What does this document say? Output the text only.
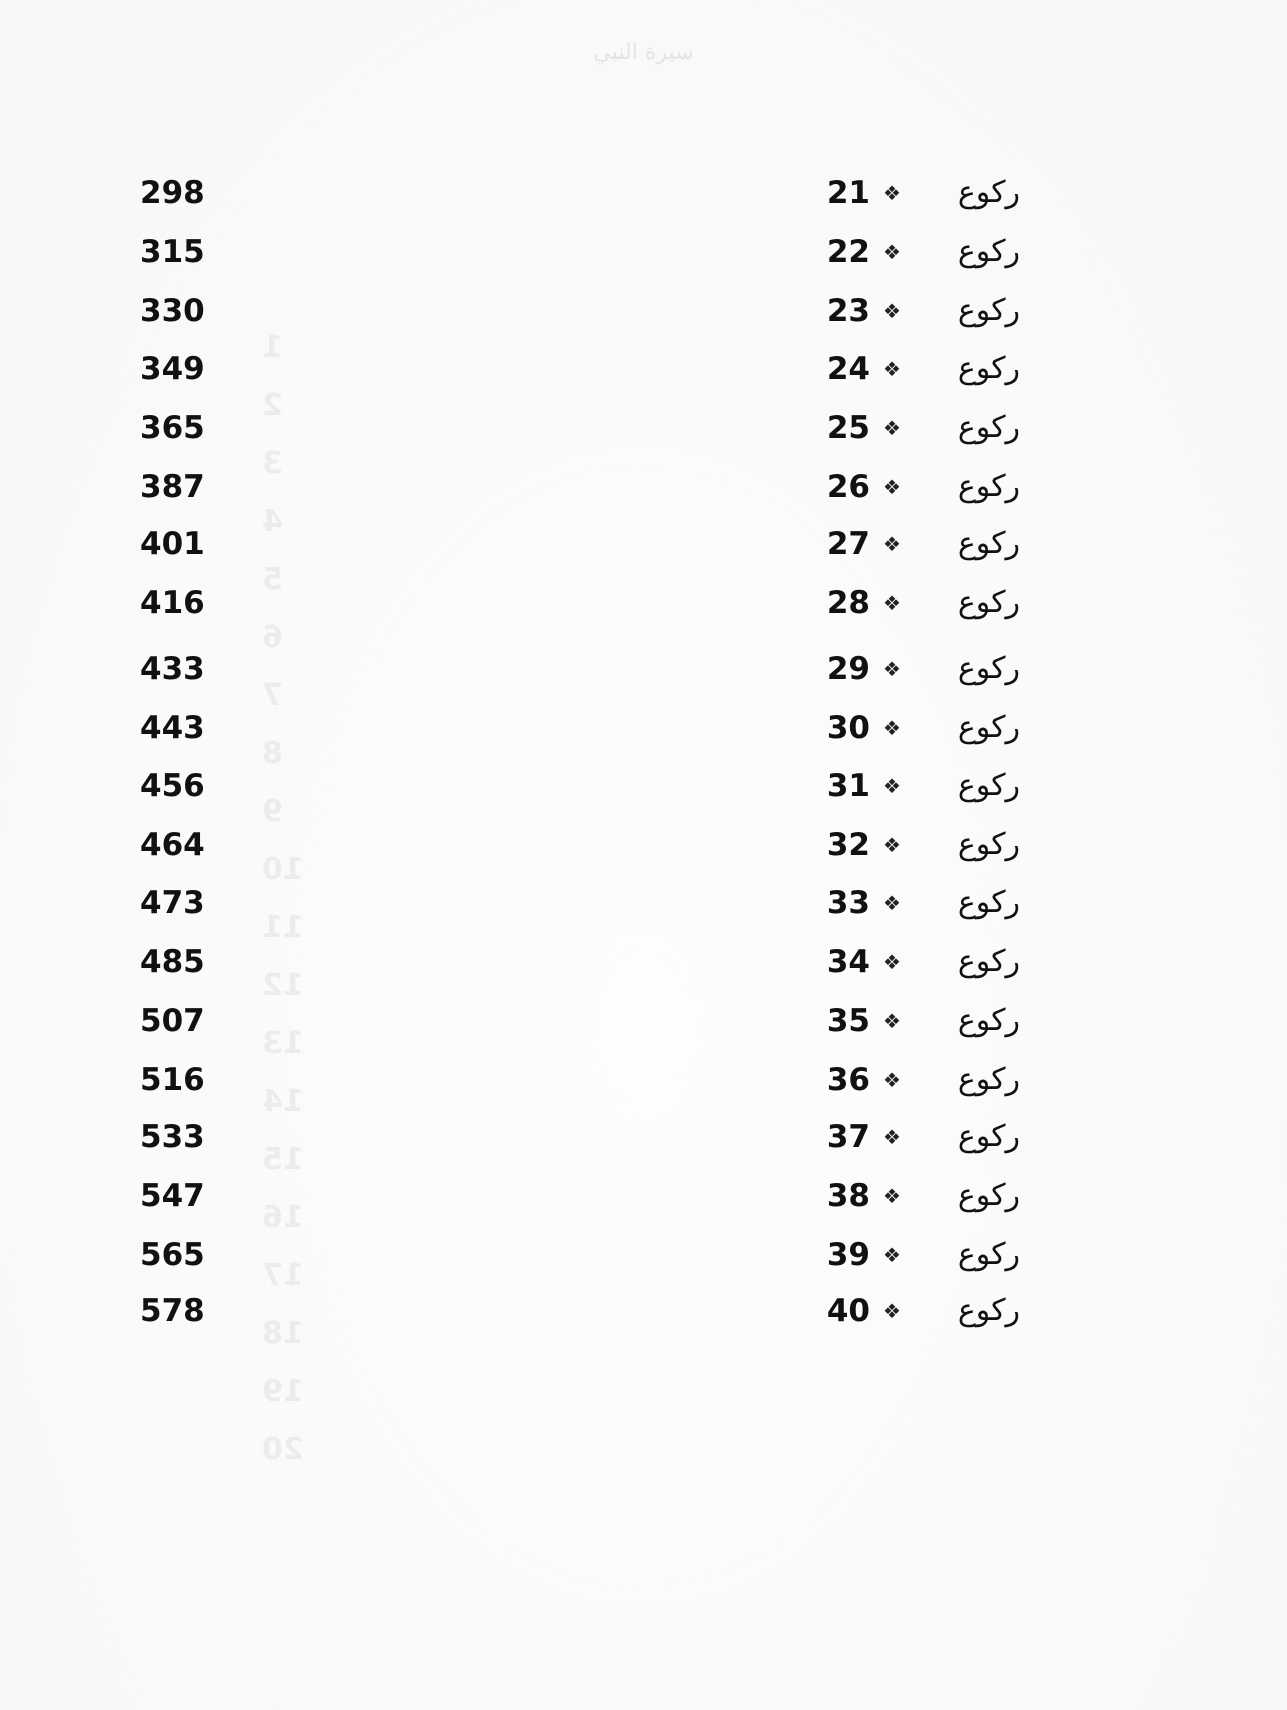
ﺳﻴﺮﺓ ﺍﻟﻨﺒﻲ
1
2
3
4
5
6
7
8
9
10
11
12
13
14
15
16
17
18
19
20
298	21 ❖	رکوع
315	22 ❖	رکوع
330	23 ❖	رکوع
349	24 ❖	رکوع
365	25 ❖	رکوع
387	26 ❖	رکوع
401	27 ❖	رکوع
416	28 ❖	رکوع
433	29 ❖	رکوع
443	30 ❖	رکوع
456	31 ❖	رکوع
464	32 ❖	رکوع
473	33 ❖	رکوع
485	34 ❖	رکوع
507	35 ❖	رکوع
516	36 ❖	رکوع
533	37 ❖	رکوع
547	38 ❖	رکوع
565	39 ❖	رکوع
578	40 ❖	رکوع
